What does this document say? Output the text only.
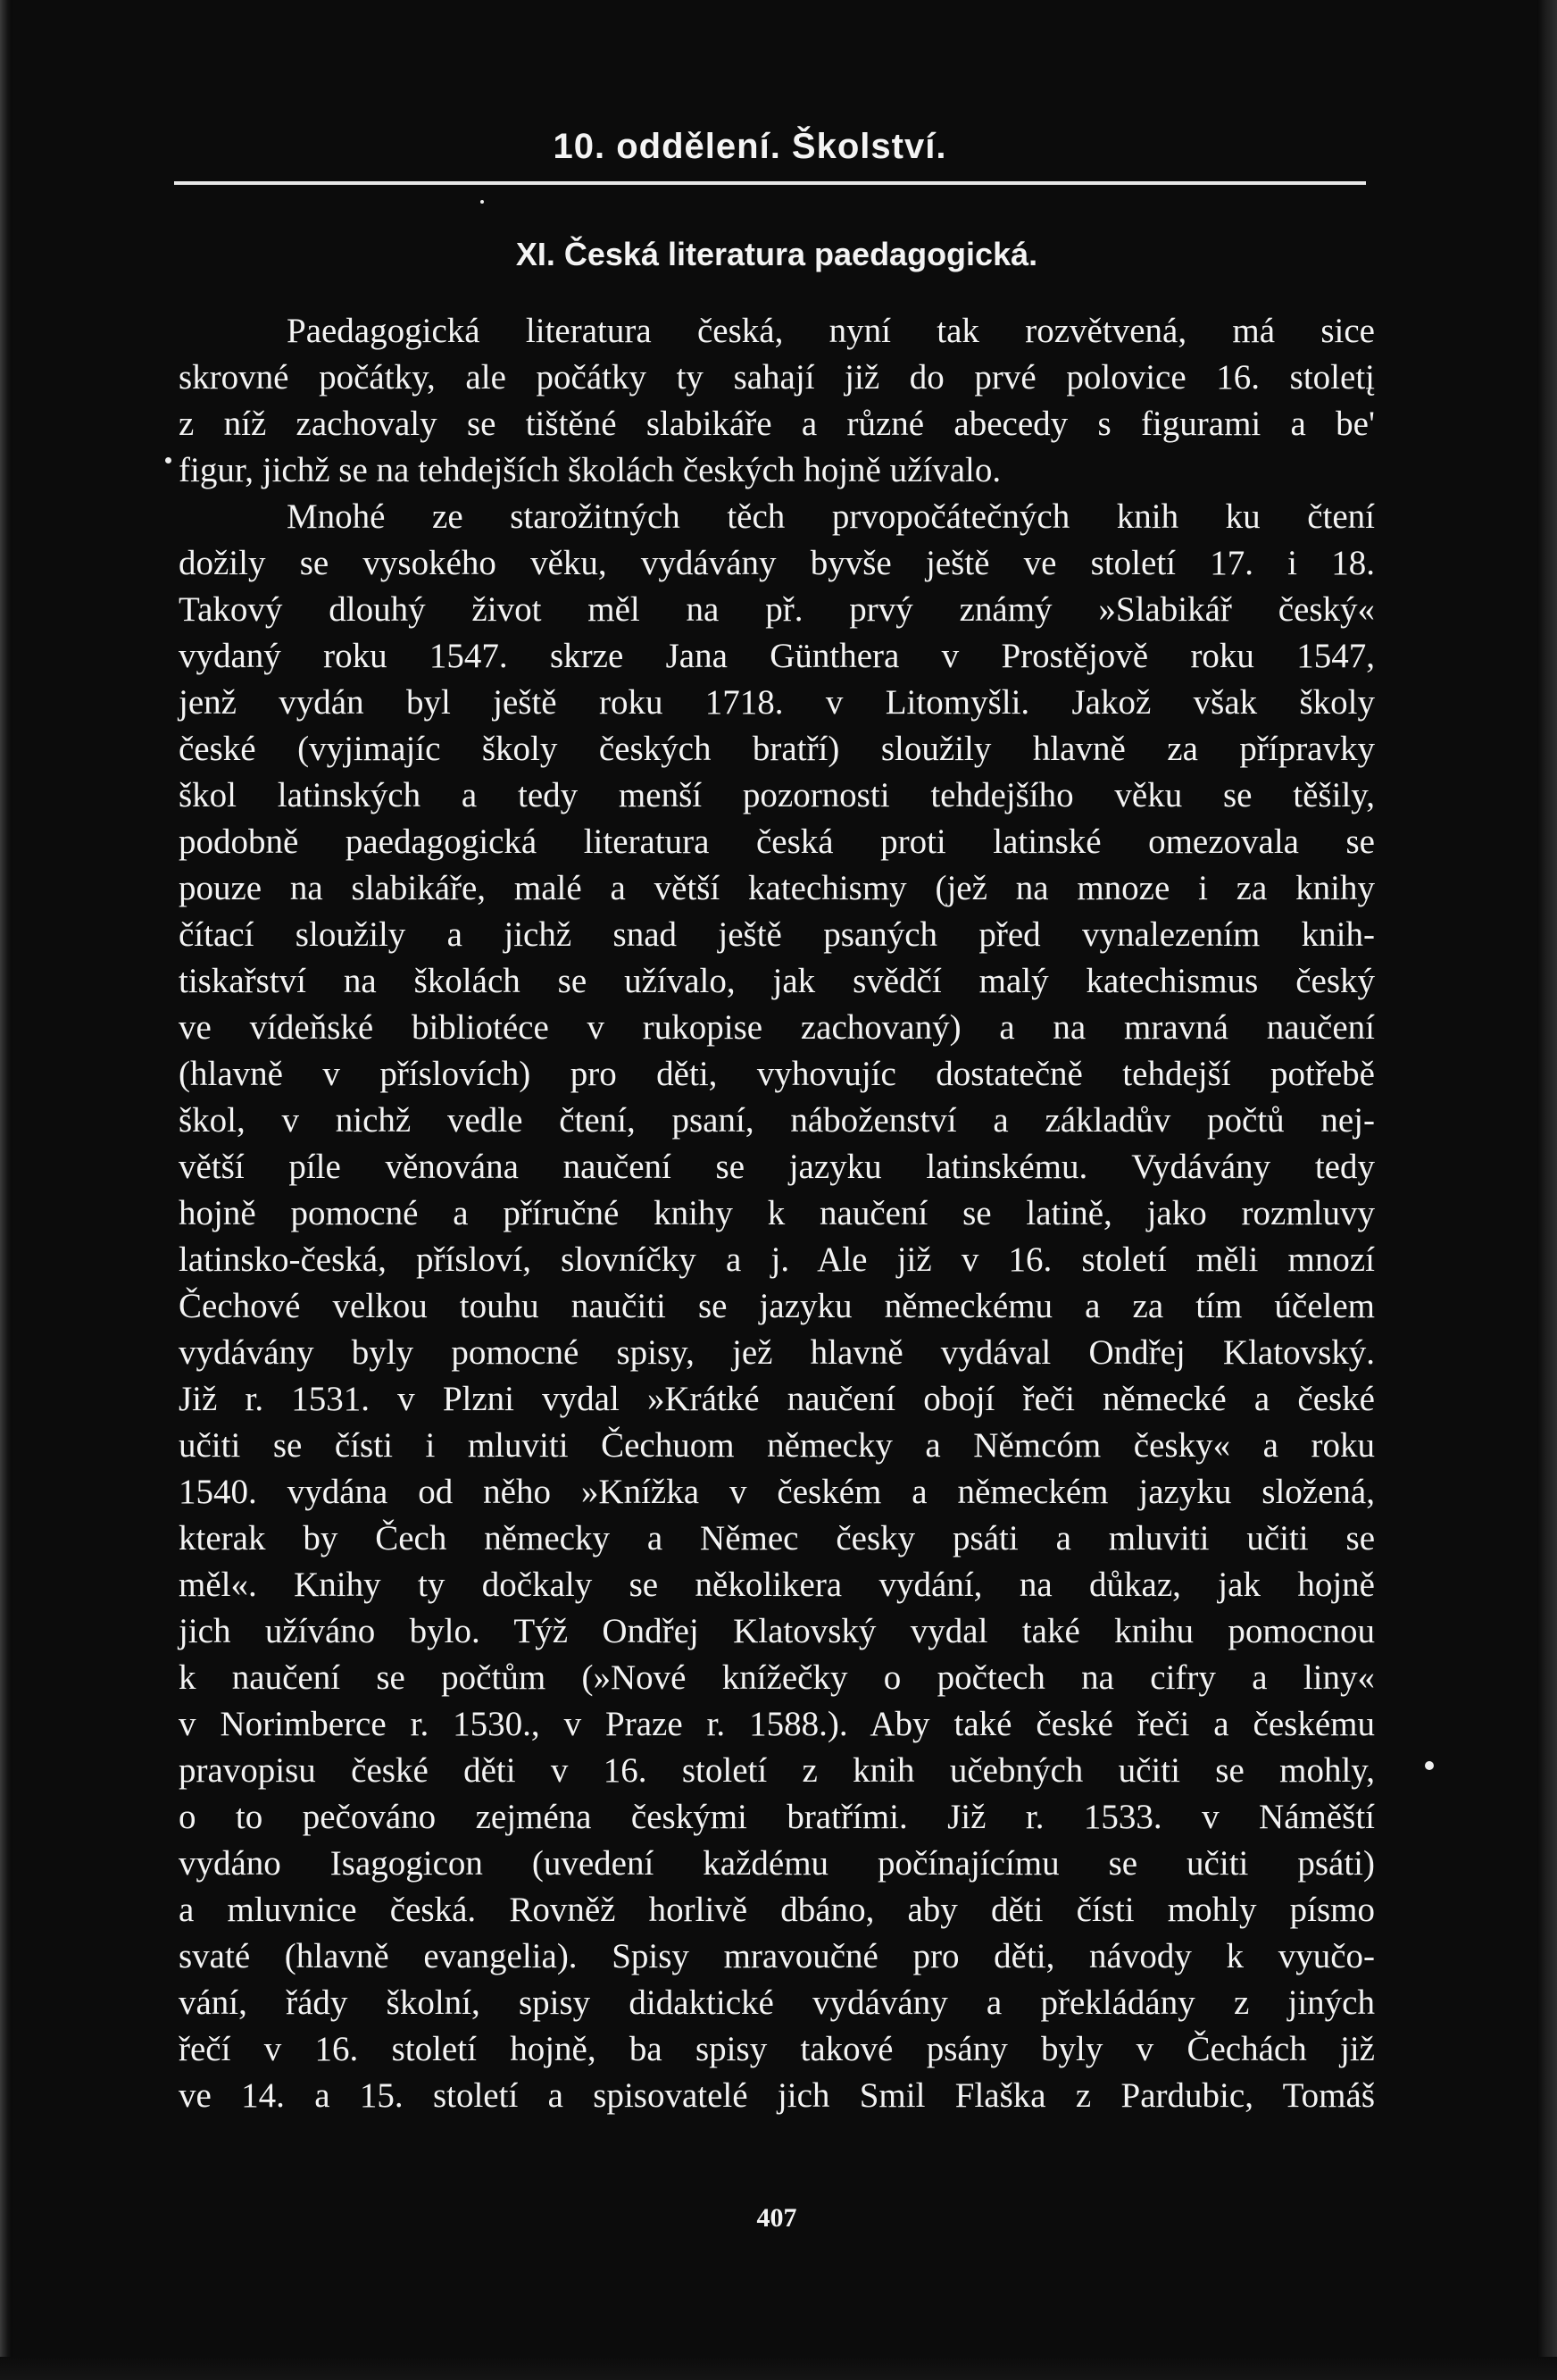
10. oddělení. Školství.
XI. Česká literatura paedagogická.

Paedagogická literatura česká, nyní tak rozvětvená, má sice
skrovné počátky, ale počátky ty sahají již do prvé polovice 16. stoletį
z níž zachovaly se tištěné slabikáře a různé abecedy s figurami a be'
figur, jichž se na tehdejších školách českých hojně užívalo.

Mnohé ze starožitných těch prvopočátečných knih ku čtení
dožily se vysokého věku, vydávány byvše ještě ve století 17. i 18.
Takový dlouhý život měl na př. prvý známý »Slabikář český«
vydaný roku 1547. skrze Jana Günthera v Prostějově roku 1547,
jenž vydán byl ještě roku 1718. v Litomyšli. Jakož však školy
české (vyjimajíc školy českých bratří) sloužily hlavně za přípravky
škol latinských a tedy menší pozornosti tehdejšího věku se těšily,
podobně paedagogická literatura česká proti latinské omezovala se
pouze na slabikáře, malé a větší katechismy (jež na mnoze i za knihy
čítací sloužily a jichž snad ještě psaných před vynalezením knih-
tiskařství na školách se užívalo, jak svědčí malý katechismus český
ve vídeňské bibliotéce v rukopise zachovaný) a na mravná naučení
(hlavně v příslovích) pro děti, vyhovujíc dostatečně tehdejší potřebě
škol, v nichž vedle čtení, psaní, náboženství a základův počtů nej-
větší píle věnována naučení se jazyku latinskému. Vydávány tedy
hojně pomocné a příručné knihy k naučení se latině, jako rozmluvy
latinsko-česká, přísloví, slovníčky a j. Ale již v 16. století měli mnozí
Čechové velkou touhu naučiti se jazyku německému a za tím účelem
vydávány byly pomocné spisy, jež hlavně vydával Ondřej Klatovský.
Již r. 1531. v Plzni vydal »Krátké naučení obojí řeči německé a české
učiti se čísti i mluviti Čechuom německy a Němcóm česky« a roku
1540. vydána od něho »Knížka v českém a německém jazyku složená,
kterak by Čech německy a Němec česky psáti a mluviti učiti se
měl«. Knihy ty dočkaly se několikera vydání, na důkaz, jak hojně
jich užíváno bylo. Týž Ondřej Klatovský vydal také knihu pomocnou
k naučení se počtům (»Nové knížečky o počtech na cifry a liny«
v Norimberce r. 1530., v Praze r. 1588.). Aby také české řeči a českému
pravopisu české děti v 16. století z knih učebných učiti se mohly,
o to pečováno zejména českými bratřími. Již r. 1533. v Náměští
vydáno Isagogicon (uvedení každému počínajícímu se učiti psáti)
a mluvnice česká. Rovněž horlivě dbáno, aby děti čísti mohly písmo
svaté (hlavně evangelia). Spisy mravoučné pro děti, návody k vyučo-
vání, řády školní, spisy didaktické vydávány a překládány z jiných
řečí v 16. století hojně, ba spisy takové psány byly v Čechách již
ve 14. a 15. století a spisovatelé jich Smil Flaška z Pardubic, Tomáš

407
